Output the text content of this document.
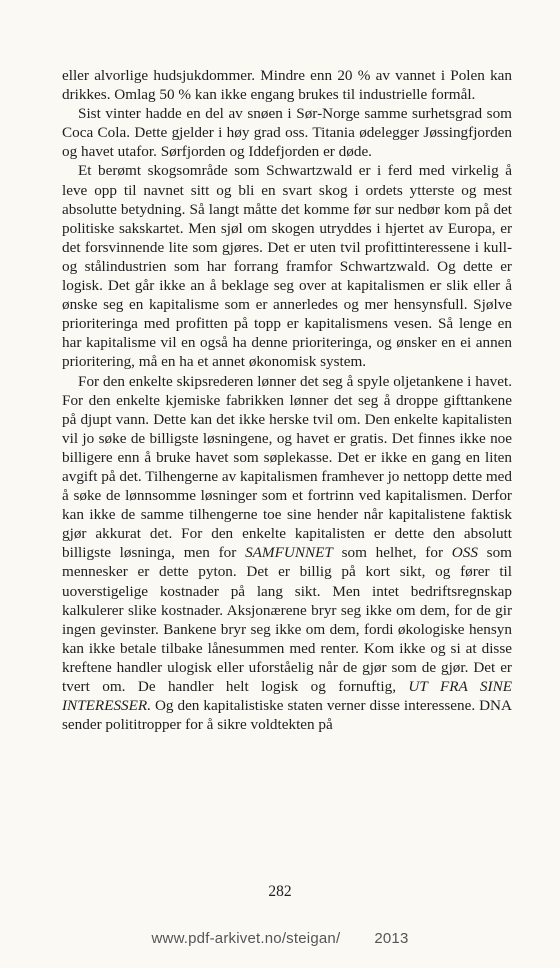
eller alvorlige hudsjukdommer. Mindre enn 20 % av vannet i Polen kan drikkes. Omlag 50 % kan ikke engang brukes til industrielle formål.

Sist vinter hadde en del av snøen i Sør-Norge samme surhetsgrad som Coca Cola. Dette gjelder i høy grad oss. Titania ødelegger Jøssingfjorden og havet utafor. Sørfjorden og Iddefjorden er døde.

Et berømt skogsområde som Schwartzwald er i ferd med virkelig å leve opp til navnet sitt og bli en svart skog i ordets ytterste og mest absolutte betydning. Så langt måtte det komme før sur nedbør kom på det politiske sakskartet. Men sjøl om skogen utryddes i hjertet av Europa, er det forsvinnende lite som gjøres. Det er uten tvil profittinteressene i kull- og stålindustrien som har forrang framfor Schwartzwald. Og dette er logisk. Det går ikke an å beklage seg over at kapitalismen er slik eller å ønske seg en kapitalisme som er annerledes og mer hensynsfull. Sjølve prioriteringa med profitten på topp er kapitalismens vesen. Så lenge en har kapitalisme vil en også ha denne prioriteringa, og ønsker en ei annen prioritering, må en ha et annet økonomisk system.

For den enkelte skipsrederen lønner det seg å spyle oljetankene i havet. For den enkelte kjemiske fabrikken lønner det seg å droppe gifttankene på djupt vann. Dette kan det ikke herske tvil om. Den enkelte kapitalisten vil jo søke de billigste løsningene, og havet er gratis. Det finnes ikke noe billigere enn å bruke havet som søplekasse. Det er ikke en gang en liten avgift på det. Tilhengerne av kapitalismen framhever jo nettopp dette med å søke de lønnsomme løsninger som et fortrinn ved kapitalismen. Derfor kan ikke de samme tilhengerne toe sine hender når kapitalistene faktisk gjør akkurat det. For den enkelte kapitalisten er dette den absolutt billigste løsninga, men for SAMFUNNET som helhet, for OSS som mennesker er dette pyton. Det er billig på kort sikt, og fører til uoverstigelige kostnader på lang sikt. Men intet bedriftsregnskap kalkulerer slike kostnader. Aksjonærene bryr seg ikke om dem, for de gir ingen gevinster. Bankene bryr seg ikke om dem, fordi økologiske hensyn kan ikke betale tilbake lånesummen med renter. Kom ikke og si at disse kreftene handler ulogisk eller uforståelig når de gjør som de gjør. Det er tvert om. De handler helt logisk og fornuftig, UT FRA SINE INTERESSER. Og den kapitalistiske staten verner disse interessene. DNA sender polititropper for å sikre voldtekten på

282
www.pdf-arkivet.no/steigan/ 2013
